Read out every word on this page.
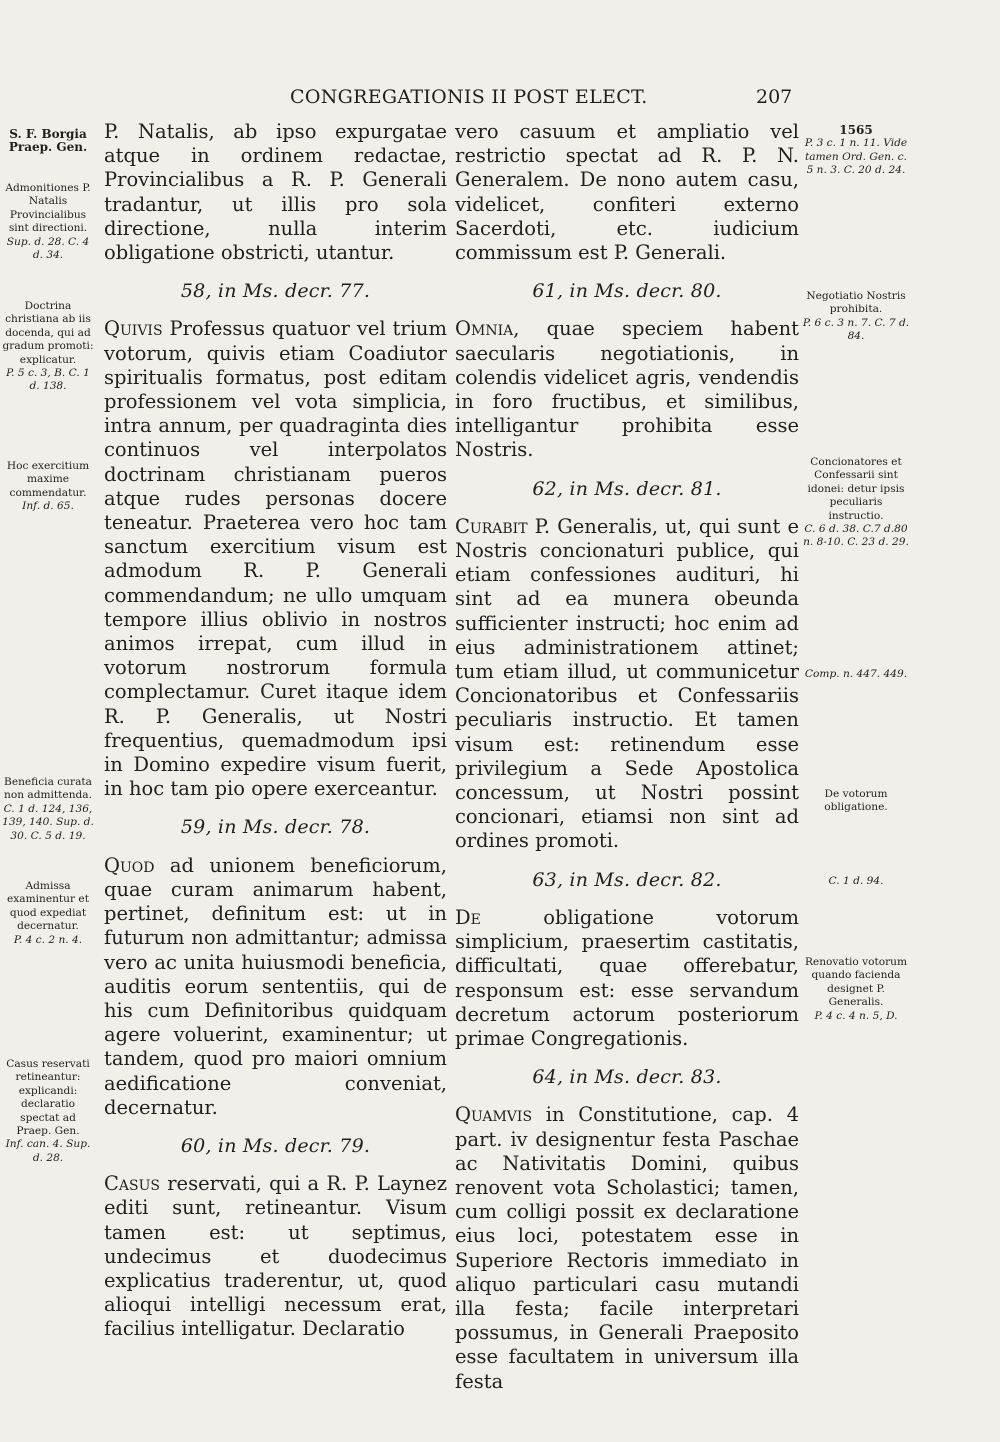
CONGREGATIONIS II POST ELECT.	207
S. F. Borgia Praep. Gen.
Admonitiones P. Natalis Provincialibus sint directioni.
Sup. d. 28. C. 4 d. 34.
Doctrina christiana ab iis docenda, qui ad gradum promoti: explicatur.
P. 5 c. 3, B. C. 1 d. 138.
Hoc exercitium maxime commendatur.
Inf. d. 65.
Beneficia curata non admittenda.
C. 1 d. 124, 136, 139, 140. Sup. d. 30. C. 5 d. 19.
Admissa examinentur et quod expediat decernatur.
P. 4 c. 2 n. 4.
Casus reservati retineantur: explicandi: declaratio spectat ad Praep. Gen.
Inf. can. 4. Sup. d. 28.
1565
P. 3 c. 1 n. 11. Vide tamen Ord. Gen. c. 5 n. 3. C. 20 d. 24.
Negotiatio Nostris prohibita.
P. 6 c. 3 n. 7. C. 7 d. 84.
Concionatores et Confessarii sint idonei: detur ipsis peculiaris instructio.
C. 6 d. 38. C.7 d.80 n. 8-10. C. 23 d. 29.
Comp. n. 447. 449.
De votorum obligatione.
C. 1 d. 94.
Renovatio votorum quando facienda designet P. Generalis.
P. 4 c. 4 n. 5, D.

P. Natalis, ab ipso expurgatae atque in ordinem redactae, Provincialibus a R. P. Generali tradantur, ut illis pro sola directione, nulla interim obligatione obstricti, utantur.

58, in Ms. decr. 77.

Quivis Professus quatuor vel trium votorum, quivis etiam Coadiutor spiritualis formatus, post editam professionem vel vota simplicia, intra annum, per quadraginta dies continuos vel interpolatos doctrinam christianam pueros atque rudes personas docere teneatur. Praeterea vero hoc tam sanctum exercitium visum est admodum R. P. Generali commendandum; ne ullo umquam tempore illius oblivio in nostros animos irrepat, cum illud in votorum nostrorum formula complectamur. Curet itaque idem R. P. Generalis, ut Nostri frequentius, quemadmodum ipsi in Domino expedire visum fuerit, in hoc tam pio opere exerceantur.

59, in Ms. decr. 78.

Quod ad unionem beneficiorum, quae curam animarum habent, pertinet, definitum est: ut in futurum non admittantur; admissa vero ac unita huiusmodi beneficia, auditis eorum sententiis, qui de his cum Definitoribus quidquam agere voluerint, examinentur; ut tandem, quod pro maiori omnium aedificatione conveniat, decernatur.

60, in Ms. decr. 79.

Casus reservati, qui a R. P. Laynez editi sunt, retineantur. Visum tamen est: ut septimus, undecimus et duodecimus explicatius traderentur, ut, quod alioqui intelligi necessum erat, facilius intelligatur. Declaratio

vero casuum et ampliatio vel restrictio spectat ad R. P. N. Generalem. De nono autem casu, videlicet, confiteri externo Sacerdoti, etc. iudicium commissum est P. Generali.

61, in Ms. decr. 80.

Omnia, quae speciem habent saecularis negotiationis, in colendis videlicet agris, vendendis in foro fructibus, et similibus, intelligantur prohibita esse Nostris.

62, in Ms. decr. 81.

Curabit P. Generalis, ut, qui sunt e Nostris concionaturi publice, qui etiam confessiones audituri, hi sint ad ea munera obeunda sufficienter instructi; hoc enim ad eius administrationem attinet; tum etiam illud, ut communicetur Concionatoribus et Confessariis peculiaris instructio. Et tamen visum est: retinendum esse privilegium a Sede Apostolica concessum, ut Nostri possint concionari, etiamsi non sint ad ordines promoti.

63, in Ms. decr. 82.

De obligatione votorum simplicium, praesertim castitatis, difficultati, quae offerebatur, responsum est: esse servandum decretum actorum posteriorum primae Congregationis.

64, in Ms. decr. 83.

Quamvis in Constitutione, cap. 4 part. iv designentur festa Paschae ac Nativitatis Domini, quibus renovent vota Scholastici; tamen, cum colligi possit ex declaratione eius loci, potestatem esse in Superiore Rectoris immediato in aliquo particulari casu mutandi illa festa; facile interpretari possumus, in Generali Praeposito esse facultatem in universum illa festa
